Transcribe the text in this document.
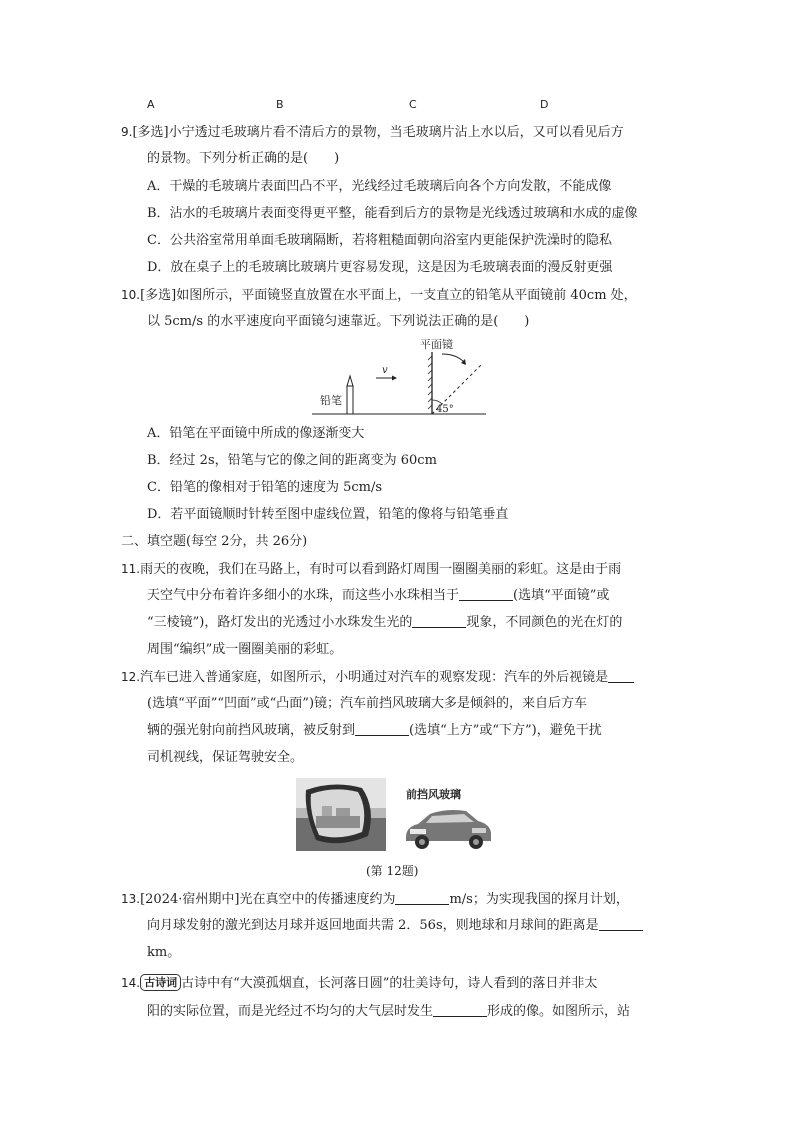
A	B	C	D
9.[多选]小宁透过毛玻璃片看不清后方的景物，当毛玻璃片沾上水以后，又可以看见后方
的景物。下列分析正确的是(　　)
A．干燥的毛玻璃片表面凹凸不平，光线经过毛玻璃后向各个方向发散，不能成像
B．沾水的毛玻璃片表面变得更平整，能看到后方的景物是光线透过玻璃和水成的虚像
C．公共浴室常用单面毛玻璃隔断，若将粗糙面朝向浴室内更能保护洗澡时的隐私
D．放在桌子上的毛玻璃比玻璃片更容易发现，这是因为毛玻璃表面的漫反射更强
10.[多选]如图所示，平面镜竖直放置在水平面上，一支直立的铅笔从平面镜前 40cm 处，
以 5cm/s 的水平速度向平面镜匀速靠近。下列说法正确的是(　　)
铅笔
v
平面镜
45°
A．铅笔在平面镜中所成的像逐渐变大
B．经过 2s，铅笔与它的像之间的距离变为 60cm
C．铅笔的像相对于铅笔的速度为 5cm/s
D．若平面镜顺时针转至图中虚线位置，铅笔的像将与铅笔垂直
二、填空题(每空 2分，共 26分)
11.雨天的夜晚，我们在马路上，有时可以看到路灯周围一圈圈美丽的彩虹。这是由于雨
天空气中分布着许多细小的水珠，而这些小水珠相当于	(选填“平面镜”或
“三棱镜”)，路灯发出的光透过小水珠发生光的	现象，不同颜色的光在灯的
周围“编织”成一圈圈美丽的彩虹。
12.汽车已进入普通家庭，如图所示，小明通过对汽车的观察发现：汽车的外后视镜是
(选填“平面”“凹面”或“凸面”)镜；汽车前挡风玻璃大多是倾斜的，来自后方车
辆的强光射向前挡风玻璃，被反射到	(选填“上方”或“下方”)，避免干扰
司机视线，保证驾驶安全。
前挡风玻璃
(第 12题)
13.[2024·宿州期中]光在真空中的传播速度约为	m/s；为实现我国的探月计划，
向月球发射的激光到达月球并返回地面共需 2．56s，则地球和月球间的距离是
km。
14. 古诗词 古诗中有“大漠孤烟直，长河落日圆”的壮美诗句，诗人看到的落日并非太
阳的实际位置，而是光经过不均匀的大气层时发生	形成的像。如图所示，站
